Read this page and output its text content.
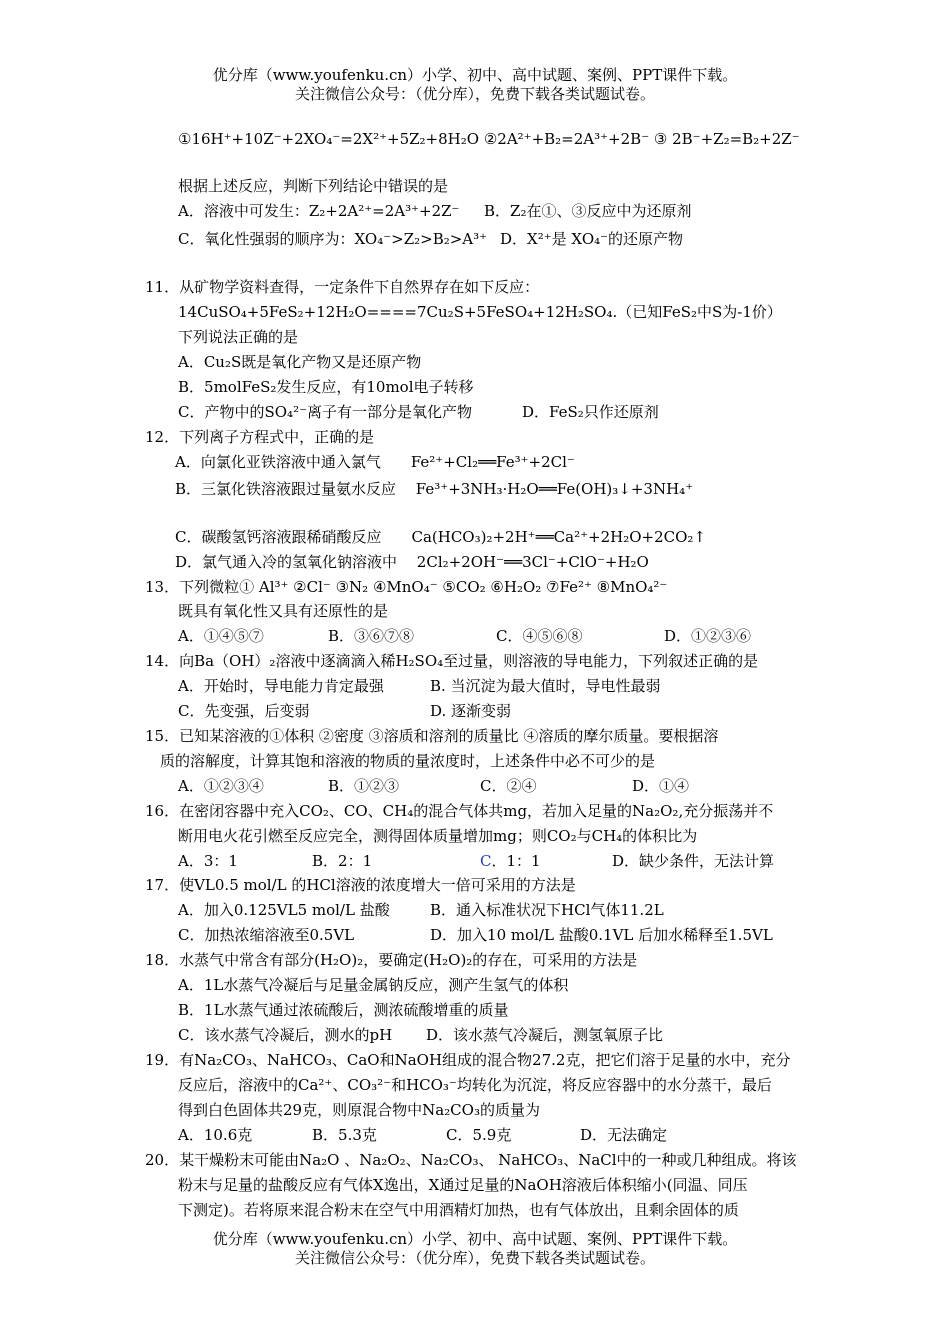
优分库（www.youfenku.cn）小学、初中、高中试题、案例、PPT课件下载。
关注微信公众号：（优分库），免费下载各类试题试卷。
①16H⁺+10Z⁻+2XO₄⁻=2X²⁺+5Z₂+8H₂O ②2A²⁺+B₂=2A³⁺+2B⁻ ③ 2B⁻+Z₂=B₂+2Z⁻
根据上述反应，判断下列结论中错误的是
A．溶液中可发生：Z₂+2A²⁺=2A³⁺+2Z⁻ B．Z₂在①、③反应中为还原剂
C．氧化性强弱的顺序为：XO₄⁻>Z₂>B₂>A³⁺ D．X²⁺是 XO₄⁻的还原产物
11．从矿物学资料查得，一定条件下自然界存在如下反应：
14CuSO₄+5FeS₂+12H₂O====7Cu₂S+5FeSO₄+12H₂SO₄.（已知FeS₂中S为-1价）
下列说法正确的是
A．Cu₂S既是氧化产物又是还原产物
B．5molFeS₂发生反应，有10mol电子转移
C．产物中的SO₄²⁻离子有一部分是氧化产物	D．FeS₂只作还原剂
12．下列离子方程式中，正确的是
A．向氯化亚铁溶液中通入氯气　　Fe²⁺+Cl₂══Fe³⁺+2Cl⁻
B．三氯化铁溶液跟过量氨水反应　 Fe³⁺+3NH₃·H₂O══Fe(OH)₃↓+3NH₄⁺
C．碳酸氢钙溶液跟稀硝酸反应　　Ca(HCO₃)₂+2H⁺══Ca²⁺+2H₂O+2CO₂↑
D．氯气通入冷的氢氧化钠溶液中　 2Cl₂+2OH⁻══3Cl⁻+ClO⁻+H₂O
13．下列微粒① Al³⁺ ②Cl⁻ ③N₂ ④MnO₄⁻ ⑤CO₂ ⑥H₂O₂ ⑦Fe²⁺ ⑧MnO₄²⁻
既具有氧化性又具有还原性的是
A．①④⑤⑦	B．③⑥⑦⑧	C．④⑤⑥⑧	D．①②③⑥
14．向Ba（OH）₂溶液中逐滴滴入稀H₂SO₄至过量，则溶液的导电能力，下列叙述正确的是
A．开始时，导电能力肯定最强	B. 当沉淀为最大值时，导电性最弱
C．先变强，后变弱	D. 逐渐变弱
15．已知某溶液的①体积 ②密度 ③溶质和溶剂的质量比 ④溶质的摩尔质量。要根据溶
质的溶解度，计算其饱和溶液的物质的量浓度时，上述条件中必不可少的是
A．①②③④	B．①②③	C．②④	D．①④
16．在密闭容器中充入CO₂、CO、CH₄的混合气体共mg，若加入足量的Na₂O₂,充分振荡并不
断用电火花引燃至反应完全，测得固体质量增加mg；则CO₂与CH₄的体积比为
A．3：1	B．2：1	C．1：1	D．缺少条件，无法计算
17．使VL0.5 mol/L 的HCl溶液的浓度增大一倍可采用的方法是
A．加入0.125VL5 mol/L 盐酸	B．通入标准状况下HCl气体11.2L
C．加热浓缩溶液至0.5VL	D．加入10 mol/L 盐酸0.1VL 后加水稀释至1.5VL
18．水蒸气中常含有部分(H₂O)₂，要确定(H₂O)₂的存在，可采用的方法是
A．1L水蒸气冷凝后与足量金属钠反应，测产生氢气的体积
B．1L水蒸气通过浓硫酸后，测浓硫酸增重的质量
C．该水蒸气冷凝后，测水的pH D．该水蒸气冷凝后，测氢氧原子比
19．有Na₂CO₃、NaHCO₃、CaO和NaOH组成的混合物27.2克，把它们溶于足量的水中，充分
反应后，溶液中的Ca²⁺、CO₃²⁻和HCO₃⁻均转化为沉淀，将反应容器中的水分蒸干，最后
得到白色固体共29克，则原混合物中Na₂CO₃的质量为
A．10.6克	B．5.3克	C．5.9克	D．无法确定
20．某干燥粉末可能由Na₂O 、Na₂O₂、Na₂CO₃、 NaHCO₃、NaCl中的一种或几种组成。将该
粉末与足量的盐酸反应有气体X逸出，X通过足量的NaOH溶液后体积缩小(同温、同压
下测定)。若将原来混合粉末在空气中用酒精灯加热，也有气体放出，且剩余固体的质
优分库（www.youfenku.cn）小学、初中、高中试题、案例、PPT课件下载。
关注微信公众号：（优分库），免费下载各类试题试卷。
